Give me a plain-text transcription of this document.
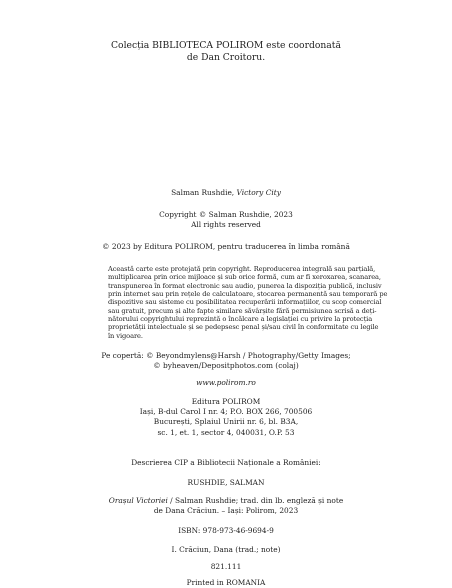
Colecția BIBLIOTECA POLIROM este coordonată
de Dan Croitoru.
Salman Rushdie, Victory City
Copyright © Salman Rushdie, 2023
All rights reserved
© 2023 by Editura POLIROM, pentru traducerea în limba română
Această carte este protejată prin copyright. Reproducerea integrală sau parțială,
multiplicarea prin orice mijloace și sub orice formă, cum ar fi xeroxarea, scanarea,
transpunerea în format electronic sau audio, punerea la dispoziția publică, inclusiv
prin internet sau prin rețele de calculatoare, stocarea permanentă sau temporară pe
dispozitive sau sisteme cu posibilitatea recuperării informațiilor, cu scop comercial
sau gratuit, precum și alte fapte similare săvârșite fără permisiunea scrisă a deți-
nătorului copyrightului reprezintă o încălcare a legislației cu privire la protecția
proprietății intelectuale și se pedepsesc penal și/sau civil în conformitate cu legile
în vigoare.
Pe copertă: © Beyondmylens@Harsh / Photography/Getty Images;
© byheaven/Depositphotos.com (colaj)
www.polirom.ro
Editura POLIROM
Iași, B-dul Carol I nr. 4; P.O. BOX 266, 700506
București, Splaiul Unirii nr. 6, bl. B3A,
sc. 1, et. 1, sector 4, 040031, O.P. 53
Descrierea CIP a Bibliotecii Naționale a României:
RUSHDIE, SALMAN
Orașul Victoriei / Salman Rushdie; trad. din lb. engleză și note
de Dana Crăciun. – Iași: Polirom, 2023
ISBN: 978-973-46-9694-9
I. Crăciun, Dana (trad.; note)
821.111
Printed in ROMANIA
